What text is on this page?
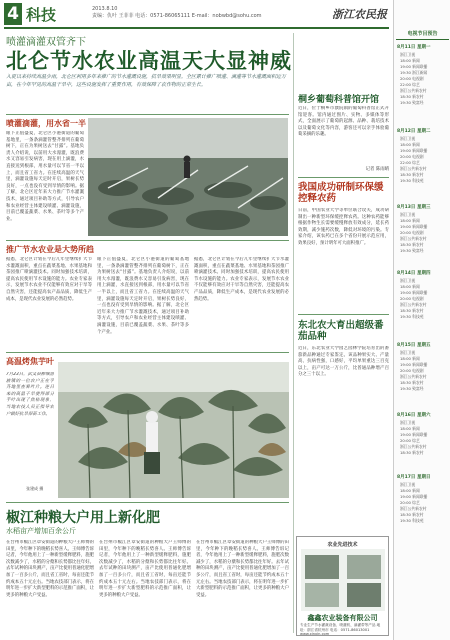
4 科技	2013.8.10
责编：仇叶 王菲菲 电话：0571-86065111 E-mail：nobwbd@sohu.com	浙江农民报
喷灌滴灌双管齐下
北仑节水农业高温天大显神威
入夏以来持续高温少雨，北仑区利用多年来推广的节水灌溉设施，抗旱效果明显。全区累计推广喷灌、滴灌等节水灌溉面积近万亩，在今年罕见的高温干旱中，这些设施发挥了重要作用，有效保障了农作物的正常生长。
喷灌滴灌，用水省一半
眼下正值盛夏，北仑区小港街道的葡萄基地里，一条条滴灌管整齐排列在葡萄树下，正在为果树送去“甘露”。基地负责人介绍说，以前用大水漫灌，既浪费水又容易引发病害，现在用上滴灌，水直接送到根部，用水量可以节省一半以上，而且省工省力。在连续高温的天气里，滴灌设施每天定时开启，果树长势良好，一点也没有受到旱情的影响。据了解，北仑区近年来大力推广节水灌溉技术，通过项目补助等方式，引导农户和农业经营主体建设喷灌、滴灌设施，目前已覆盖蔬菜、水果、茶叶等多个产业。
推广节水农业是大势所趋
据悉，北仑区计划在今后几年里继续扩大节水灌溉面积，重点在蔬菜基地、水果基地和茶园推广喷滴灌技术。同时加强技术培训，提高农民使用节水设施的能力。农业专家表示，发展节水农业不仅能够有效应对干旱等自然灾害，还能提高农产品品质，降低生产成本，是现代农业发展的必然趋势。
眼下正值盛夏，北仑区小港街道的葡萄基地里，一条条滴灌管整齐排列在葡萄树下，正在为果树送去“甘露”。基地负责人介绍说，以前用大水漫灌，既浪费水又容易引发病害，现在用上滴灌，水直接送到根部，用水量可以节省一半以上，而且省工省力。在连续高温的天气里，滴灌设施每天定时开启，果树长势良好，一点也没有受到旱情的影响。据了解，北仑区近年来大力推广节水灌溉技术，通过项目补助等方式，引导农户和农业经营主体建设喷灌、滴灌设施，目前已覆盖蔬菜、水果、茶叶等多个产业。
据悉，北仑区计划在今后几年里继续扩大节水灌溉面积，重点在蔬菜基地、水果基地和茶园推广喷滴灌技术。同时加强技术培训，提高农民使用节水设施的能力。农业专家表示，发展节水农业不仅能够有效应对干旱等自然灾害，还能提高农产品品质，降低生产成本，是现代农业发展的必然趋势。
高温烤焦芋叶
7月23日，武义县柳城畲族镇的一位农户正在芋艿地里查看叶片。连日来的高温干旱使得部分芋叶出现了焦枯现象，当地农技人员正指导农户做好抗旱保苗工作。
张建成 摄
椒江种粮大户用上新化肥
水稻亩产增加百余公斤
在台州市椒江区章安街道的种粮大户王师傅的田里，今年种下的晚稻长势喜人。王师傅告诉记者，今年他用上了一种新型缓释肥料，施肥次数减少了，水稻的分蘖和长势都比往年好。去年试种的田块测产，亩产比使用普通化肥增加了一百多公斤，而且省工省时，每亩还能节约成本五十元左右。当地农技部门表示，将在明年进一步扩大新型肥料的示范推广面积，让更多的种粮大户受益。
在台州市椒江区章安街道的种粮大户王师傅的田里，今年种下的晚稻长势喜人。王师傅告诉记者，今年他用上了一种新型缓释肥料，施肥次数减少了，水稻的分蘖和长势都比往年好。去年试种的田块测产，亩产比使用普通化肥增加了一百多公斤，而且省工省时，每亩还能节约成本五十元左右。当地农技部门表示，将在明年进一步扩大新型肥料的示范推广面积，让更多的种粮大户受益。
在台州市椒江区章安街道的种粮大户王师傅的田里，今年种下的晚稻长势喜人。王师傅告诉记者，今年他用上了一种新型缓释肥料，施肥次数减少了，水稻的分蘖和长势都比往年好。去年试种的田块测产，亩产比使用普通化肥增加了一百多公斤，而且省工省时，每亩还能节约成本五十元左右。当地农技部门表示，将在明年进一步扩大新型肥料的示范推广面积，让更多的种粮大户受益。
桐乡葡萄科普馆开馆
近日，位于桐乡市濮院镇的葡萄科普馆正式开馆迎客。馆内通过图片、实物、多媒体等形式，全面展示了葡萄的起源、品种、栽培技术以及葡萄文化等内容，游客还可以亲手体验葡萄采摘的乐趣。
记者 陈雨晴
我国成功研制环保缓控释农药
日前，中国农业大学等单位联合攻关，成功研制出一种新型环保缓控释农药。这种农药能够根据作物生长需要缓慢释放有效成分，延长药效期，减少施药次数，降低对环境的污染。专家介绍，该农药已在多个省份开展示范应用，效果良好，预计明年可大面积推广。
东北农大育出超级番茄品种
近日，东北农业大学园艺园林学院培育出的番茄新品种通过专家鉴定。该品种果实大、产量高、抗病性强，口感好，平均单果重达三百克以上，亩产可达一万公斤，比普通品种增产百分之三十以上。
农业先进技术
鑫鑫农业装备有限公司
专业生产节水灌溉设备、喷灌机、滴灌带等产品 地址：浙江省杭州市 电话：0571-86013001 www.xinxin.com
电视节目预告
8月11日 星期一
浙江卫视
18:00 新闻
19:00 新闻联播
19:30 浙江新闻
20:00 电视剧
22:00 综艺
浙江公共新农村
18:30 新农村
19:30 致富经
8月12日 星期二
浙江卫视
18:00 新闻
19:00 新闻联播
20:00 电视剧
22:00 综艺
浙江公共新农村
18:30 新农村
19:30 科技苑
8月13日 星期三
浙江卫视
18:00 新闻
19:00 新闻联播
20:00 电视剧
浙江公共新农村
18:30 新农村
19:30 致富经
8月14日 星期四
浙江卫视
18:00 新闻
19:00 新闻联播
20:00 电视剧
浙江公共新农村
18:30 新农村
19:30 科技苑
8月15日 星期五
浙江卫视
18:00 新闻
19:00 新闻联播
20:00 电视剧
浙江公共新农村
18:30 新农村
19:30 致富经
8月16日 星期六
浙江卫视
18:00 新闻
19:00 新闻联播
20:00 综艺
浙江公共新农村
18:30 新农村
8月17日 星期日
浙江卫视
18:00 新闻
19:00 新闻联播
20:00 综艺
浙江公共新农村
18:30 新农村
19:30 科技苑
